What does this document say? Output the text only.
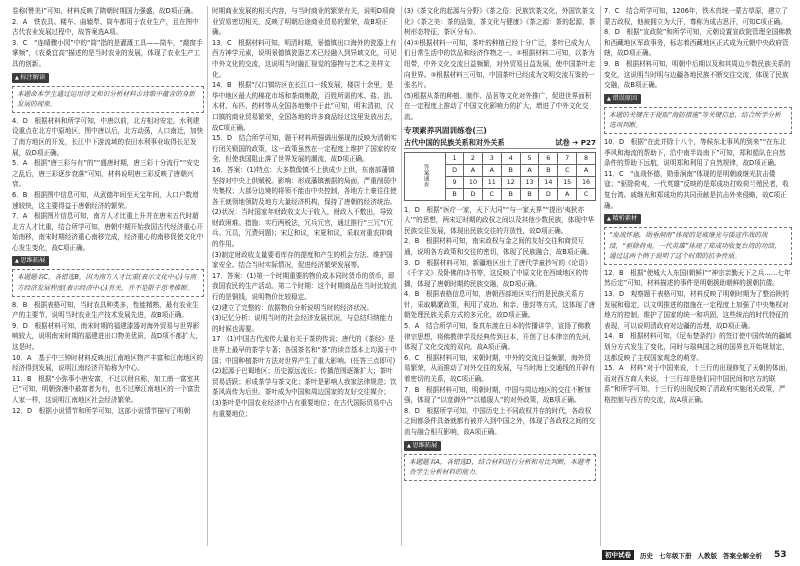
卷称(赞美)”可知，材料反映了隋朝时期国力强盛，故D项正确。

2．A　铁农具、耧车、曲辕犁、筒车都用于农业生产，且在图中古代农业发展过程中，故答案选A项。

3．C　“连晴骤小园”中的“筒”指的是灌溉工具——筒车，“敲窗手掌频”，《农桑宜高”描述的是当时农业的发展，体现了农业生产工具的创新。

▲ 标注解读
本题命本学生通过运用诗文和识分析材料古诗歌中蕴含的身新发展的现象。

4．D　根据材料和所学可知，中唐以前，北方相对安定，水利建设重点在北方中原地区，图中唐以后，北方动荡，人口南迁，加快了南方地区的开发，长江中下游流域的农田水利事业取得长足发展，故D项正确。

5．A　根据“唐三彩与有”的”“盛唐时期，唐三彩十分流行”“安史之乱后，唐三彩逐步衰落”可知，材料说明唐三彩反映了唐朝兴衰。

6．B　根据图中信息可知，从武德年间至天宝年间，人口户数增速较快，这主要得益于唐朝经济的繁荣。

7．A　根据图片信息可知，南方人才比重上升并在唐末五代时超北方人才比重，结合所学可知，唐朝中期开始我国古代经济重心开始南移，南宋时期经济重心南移完成，经济重心的南移促使文化中心发生变化，故C项正确。

▲ 思维拓展
本题题名C，各错选B，因为南方人才比重(表示文化中心)与南方经济发展程度(表示经济中心)有关，并不是限于思考推断。

8．B　根据表格可知，当时农具种类多，性能精熟，最有农业生产的主要节，说明当时农业生产技术发展先进，故B项正确。

9．D　根据材料可知，南宋时期的福建漆器对海外贸易与世界影响较大，说明南宋时期的福建进出口物美优质，故D项不都扩大，这是时。

10．A　基于中三钟时材料反映出江南地区物产丰富和江南地区的经济得到发展，说明江南经济开始称为中心。

11．B　根据“小弥事小唐安富，不过以财自称，加工南一富室其已”可知，明朝弥漫中最富者为有，也不过摩江南地区的一个富贵人家一样，这说明江南地区社会经济繁荣。

12．D　根据小说情节和所学可知，这部小说情节描写了明朝

时期商业发展的相关内容，与当时商业的繁荣有关，说明D项商业贸易密切相关，反映了明朝后途商业贸易的繁荣，故B项正确。

13．C　根据材料可知，明清时期，景德镇出口海外的瓷器上有西方神学元素，说明景德镇瓷器艺术已经融入到异域文化，可见中外文化的交流，这说明当时融汇视觉的器物与艺术之美样文化。

14．B　根据“汉口镇坊区在长江口一线发展，楼居十余里，是华中地区最大的棉花市场和茶商集散，百姓所需的米、盐、油、木材、布匹、药材等从全国各地集中于此”可知，明末清初，汉口镇的商业贸易繁荣，全国各地的许多商品经过这里发放出去，故C项正确。

15．D　结合所学可知，题干材料所强调出强现的反映为清朝实行闭关锁国的政策，这一政策虽然在一定程度上维护了国家的安全，但使我国阻止落了世界发展的潮流，故D项正确。

16．答案：(1)特点：大多数像镇不上供成少上供，东南部藩镇坚持对中央上供赋税。影响：形成藩镇割据的局面，严重削弱中央集权；大部分边境的将领不能由中央控制，各地方土豪往往使各王就领地领防及地方大量经济机构，保持了唐朝的经济统治。

(2)状况：当时国家年财政收支大于收入，财政入不敷出，导致财政困难。措施：实行两税法，冗兵冗官，通过推行“三冗”(冗兵、冗员，冗费问题)；宋辽和议，宋夏和议，采取对重农抑商的作用。

(3)制定财政收支量要看库存的提度和产生的机会方法、维护国家安全。结合当时实际情况，促进经济繁荣发展等。

17．答案：(1)第一个时期重要的物价成本同时货币的货币，即我国农民的生产活动。第二个时期：这个时期商品在当时比较流行的是铜钱，说明物价比较稳定。

(2)建立了完整的：依据物价分析说明当时的经济状况。

(3)记忆分析：说明当时的社会经济发展状况，与总结归纳能力的时候也需要。

17　(1)中国古代流传大量有关于茶的传说；唐代的《茶经》是世界上最早的茶学专著；各国茶名和“茶”的读音基本上均源于中国；中国种植茶叶方法对世界产生了重大影响。(任答三点即可)

(2)起源于巴蜀地区；历史源远流长；传播范围逐渐扩大；茶叶贸易活跃；形成茶学与茶文化；茶叶是影响人我家法律规范；饮茶风尚传为后世。茶叶成为中国和周边国家的友好交往媒介；

(3)茶叶是中国农业经济中占有重要地位；在古代国际贸易中占有重要地位；

(3)《茶文化的起源与分野》《茶之俗：民族饮茶文化，外国饮茶文化》《茶之美：茶的品鉴，茶文化与健康》《茶之源：茶的起源，茶树形态特征，茶区分布》。

(4)①根据材料一可知，茶叶的种植已经十分广泛，茶叶已成为人们日常生活中的饮品和经济作物之一。②根据材料二可知，以茶为纽带，中外文化交流日益频繁，对外贸易日益发展，使中国茶叶走向世界。③根据材料三可知，中国茶叶已经成为文明交流互鉴的一张名片。

(5)根据从茶的种植、制作、品茗等文化对外推广，促进世界面积在一定程度上推动了中国文化影响力的扩大，增进了中外文化交流。

专项素养巩固训练卷(三)
古代中国的民族关系和对外关系	试卷 ➔ P27
答案速查	1	2	3	4	5	6	7	8
	D	A	A	B	A	B	C	A
	9	10	11	12	13	14	15	16
	B	D	C	B	B	D	A	C

1．D　根据“医疗一家，天下大同”“与一家天界”“提出‘夷狄亦人’”的思想，两宋辽时期的政权之间以及其他少数民族，体现中华民族交往发展，体现出民族交往的开放性，故D项正确。

2．B　根据材料可知，南宋政权与金之间的友好交往和商贸互通，说明各方政策和交往的密切，体现了民族融合，故B项正确。

3．D　根据材料可知，新疆地区出土了唐代学童抄写的《论语》《千字文》及卧佛的诗书等，这反映了中原文化在西域地区的传播，体现了唐朝时期的民族交融，故D项正确。

4．B　根据表格信息可知，唐朝西部地区实行的是民族关系方针，采取羁縻政策，利用了成功、和亲、册封等方式，这体现了唐朝处理民族关系方式的多元化，故D项正确。

5．A　结合所学可知，鉴真东渡在日本的传播讲学，宣扬了佛教律宗思想，将佛教律学及经典传到日本，开创了日本律宗的先河，体现了文化交流的双向，故A项正确。

6．C　根据材料可知，宋朝时期，中外的交流日益频繁，海外贸易繁荣，从而推动了对外交往的发展，与当时海上交通线的开辟有着密切的关系，故C项正确。

7．B　根据材料可知，明朝时期，中国与周边地区的交往不断加强，体现了“以宽御外”“以德服人”的对外政策，故B项正确。

8．D　根据所学可知，中国历史上不同政权并存的时代，各政权之间都条件具备就都有被并入到中国之外，体现了各政权之间的交流与融合相互影响，故A项正确。

▲ 思维拓展
本题题名A，各错选D，结合材料进行分析和对比判断，本题考查学生分析材料的能力。

7．C　结合所学可知，1206年，铁木真统一蒙古草原，建立了蒙古政权，他被拥立为大汗，尊称为成吉思汗，可知C项正确。

8．D　根据“宣政院”和所学可知，元朝设置宣政院管理全国佛教和西藏地区军政事务，标志着西藏地区正式成为元朝中央政府管辖，故D项正确。

9．B　根据材料可知，明朝中后期以及和其周边少数民族关系的变化，这说明当时明与边疆各地民族不断交往交流，体现了民族交融，故B项正确。

▲ 错误原因
本题的关键在于提取“海防措施”等关键信息，结合所学分析选项判断。

10．D　根据“在此并除十八个，等候东北事风的到来”“在东北季风和海流的帮助下，沿中南半岛南下”可知，郑和船队在自然条件的帮助下远航，说明郑和利用了自然规律，故D项正确。

11．C　“血战怀德，勋垂涧南”体现的是明朝戚继光抗击倭寇；“驱除荷夷，一代英雄”反映的是郑成功打败荷兰殖民者，收复台湾。戚继光和郑成功的共同贡献是抗击外来侵略，故C项正确。

▲ 精析素材
“血战怀德，勋垂涧南”体现的是戚继光与倭寇作战的战绩，“驱除荷夷，一代英雄”体现了郑成功收复台湾的功绩，通过这两个例子说明了这个时期的抗争性质。

12．B　根据“使城大人东国(朝鲜)”“神宗亲勤天下之兵……七年然后定”可知，材料描述的事件是明朝援助朝鲜的援朝抗倭。

13．D　观察题干表格可知，材料反映了明朝时期为了整治陕的发展和稳定，以文明推进的措施在一定程度上加强了中央集权对地方的控制，维护了国家的统一和巩固，这些统治的时代特征的表现，可以说明清政府对边疆的治理，故D项正确。

14．B　根据材料可知，《尼布楚条约》的签订使中国传统的疆域划分方式发生了变化，同时与瑞典国之间的国界也开始规划定，这都反映了主权国家观念的萌芽。

15．A　材料“对于中国来说，十三行的出现修复了天朝的体面，而对西方商人来说，十三行却是他们同中国民间和官方的联系”和所学可知，十三行的出现反映了清政府实施闭关政策，严格控制与西方的交流，故A项正确。

初中试卷	历史 七年级下册 人教版 答案全解全析 53
